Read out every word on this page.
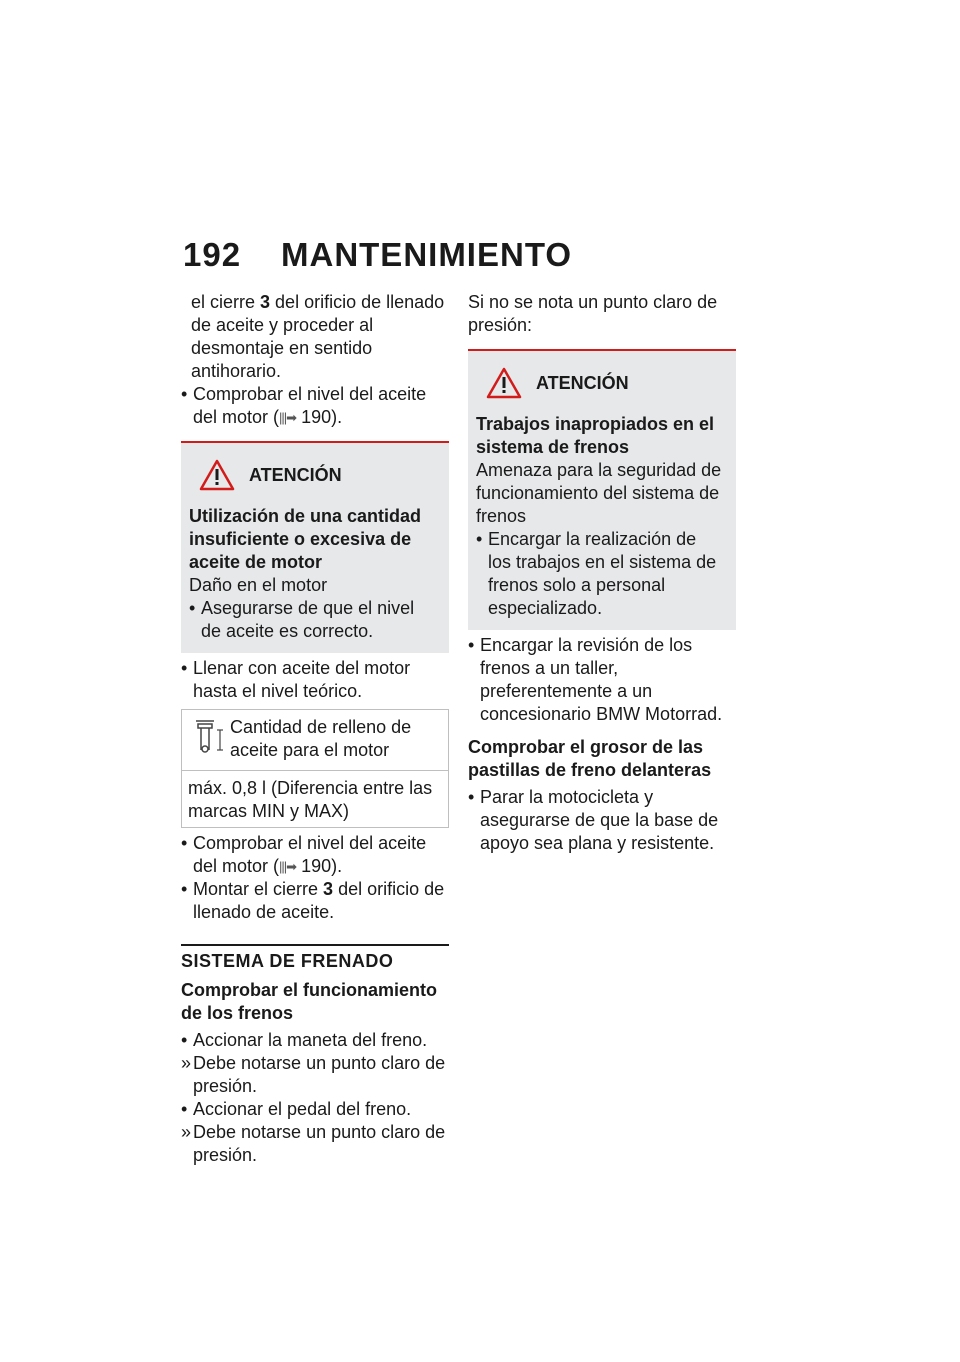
192 MANTENIMIENTO

el cierre 3 del orificio de llenado de aceite y proceder al desmontaje en sentido antihorario.

• Comprobar el nivel del aceite del motor (|||➡ 190).
ATENCIÓN

Utilización de una cantidad insuficiente o excesiva de aceite de motor

Daño en el motor

• Asegurarse de que el nivel de aceite es correcto.
• Llenar con aceite del motor hasta el nivel teórico.
Cantidad de relleno de aceite para el motor
máx. 0,8 l (Diferencia entre las marcas MIN y MAX)
• Comprobar el nivel del aceite del motor (|||➡ 190).
• Montar el cierre 3 del orificio de llenado de aceite.
SISTEMA DE FRENADO
Comprobar el funcionamiento de los frenos
• Accionar la maneta del freno.
» Debe notarse un punto claro de presión.
• Accionar el pedal del freno.
» Debe notarse un punto claro de presión.

Si no se nota un punto claro de presión:

ATENCIÓN

Trabajos inapropiados en el sistema de frenos

Amenaza para la seguridad de funcionamiento del sistema de frenos

• Encargar la realización de los trabajos en el sistema de frenos solo a personal especializado.
• Encargar la revisión de los frenos a un taller, preferentemente a un concesionario BMW Motorrad.
Comprobar el grosor de las pastillas de freno delanteras
• Parar la motocicleta y asegurarse de que la base de apoyo sea plana y resistente.
